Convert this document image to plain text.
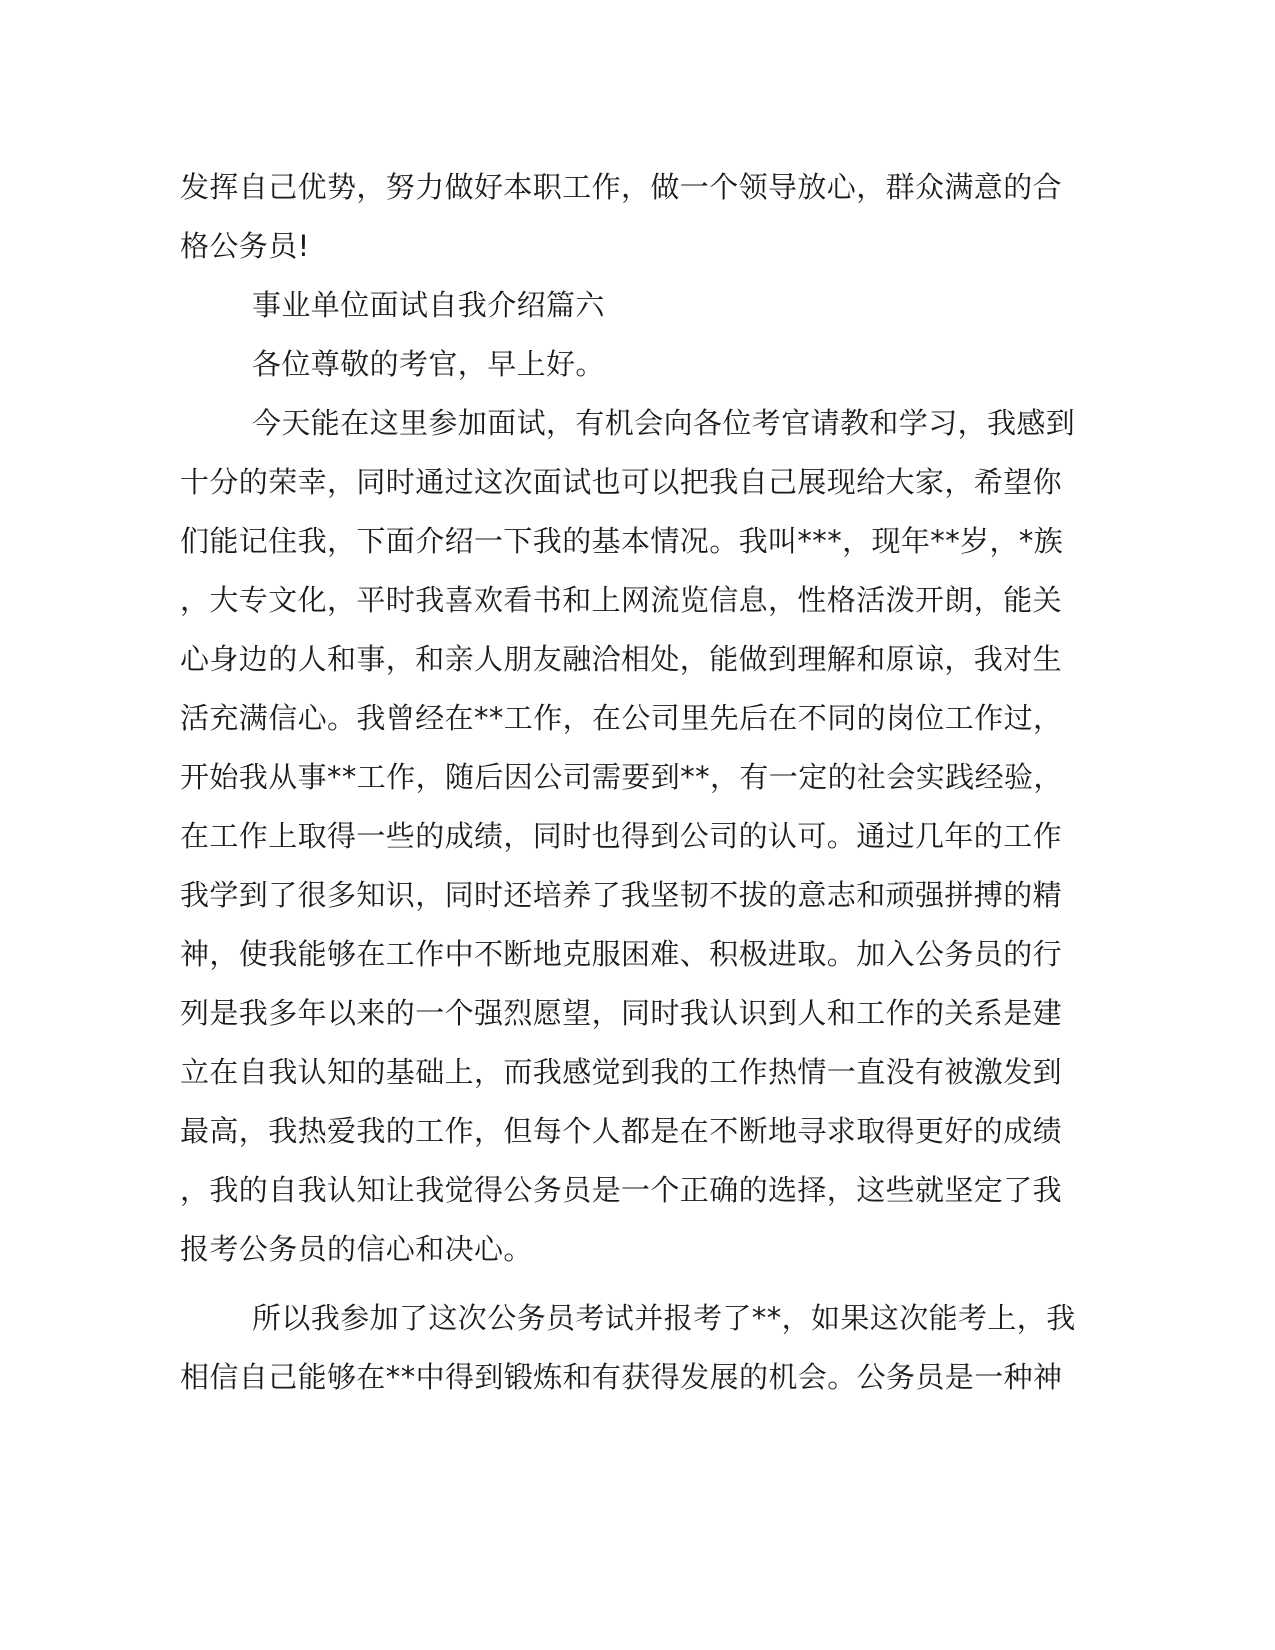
发挥自己优势，努力做好本职工作，做一个领导放心，群众满意的合
格公务员!
事业单位面试自我介绍篇六
各位尊敬的考官，早上好。
今天能在这里参加面试，有机会向各位考官请教和学习，我感到
十分的荣幸，同时通过这次面试也可以把我自己展现给大家，希望你
们能记住我，下面介绍一下我的基本情况。我叫***，现年**岁，*族
，大专文化，平时我喜欢看书和上网流览信息，性格活泼开朗，能关
心身边的人和事，和亲人朋友融洽相处，能做到理解和原谅，我对生
活充满信心。我曾经在**工作，在公司里先后在不同的岗位工作过，
开始我从事**工作，随后因公司需要到**，有一定的社会实践经验，
在工作上取得一些的成绩，同时也得到公司的认可。通过几年的工作
我学到了很多知识，同时还培养了我坚韧不拔的意志和顽强拼搏的精
神，使我能够在工作中不断地克服困难、积极进取。加入公务员的行
列是我多年以来的一个强烈愿望，同时我认识到人和工作的关系是建
立在自我认知的基础上，而我感觉到我的工作热情一直没有被激发到
最高，我热爱我的工作，但每个人都是在不断地寻求取得更好的成绩
，我的自我认知让我觉得公务员是一个正确的选择，这些就坚定了我
报考公务员的信心和决心。
所以我参加了这次公务员考试并报考了**，如果这次能考上，我
相信自己能够在**中得到锻炼和有获得发展的机会。公务员是一种神
